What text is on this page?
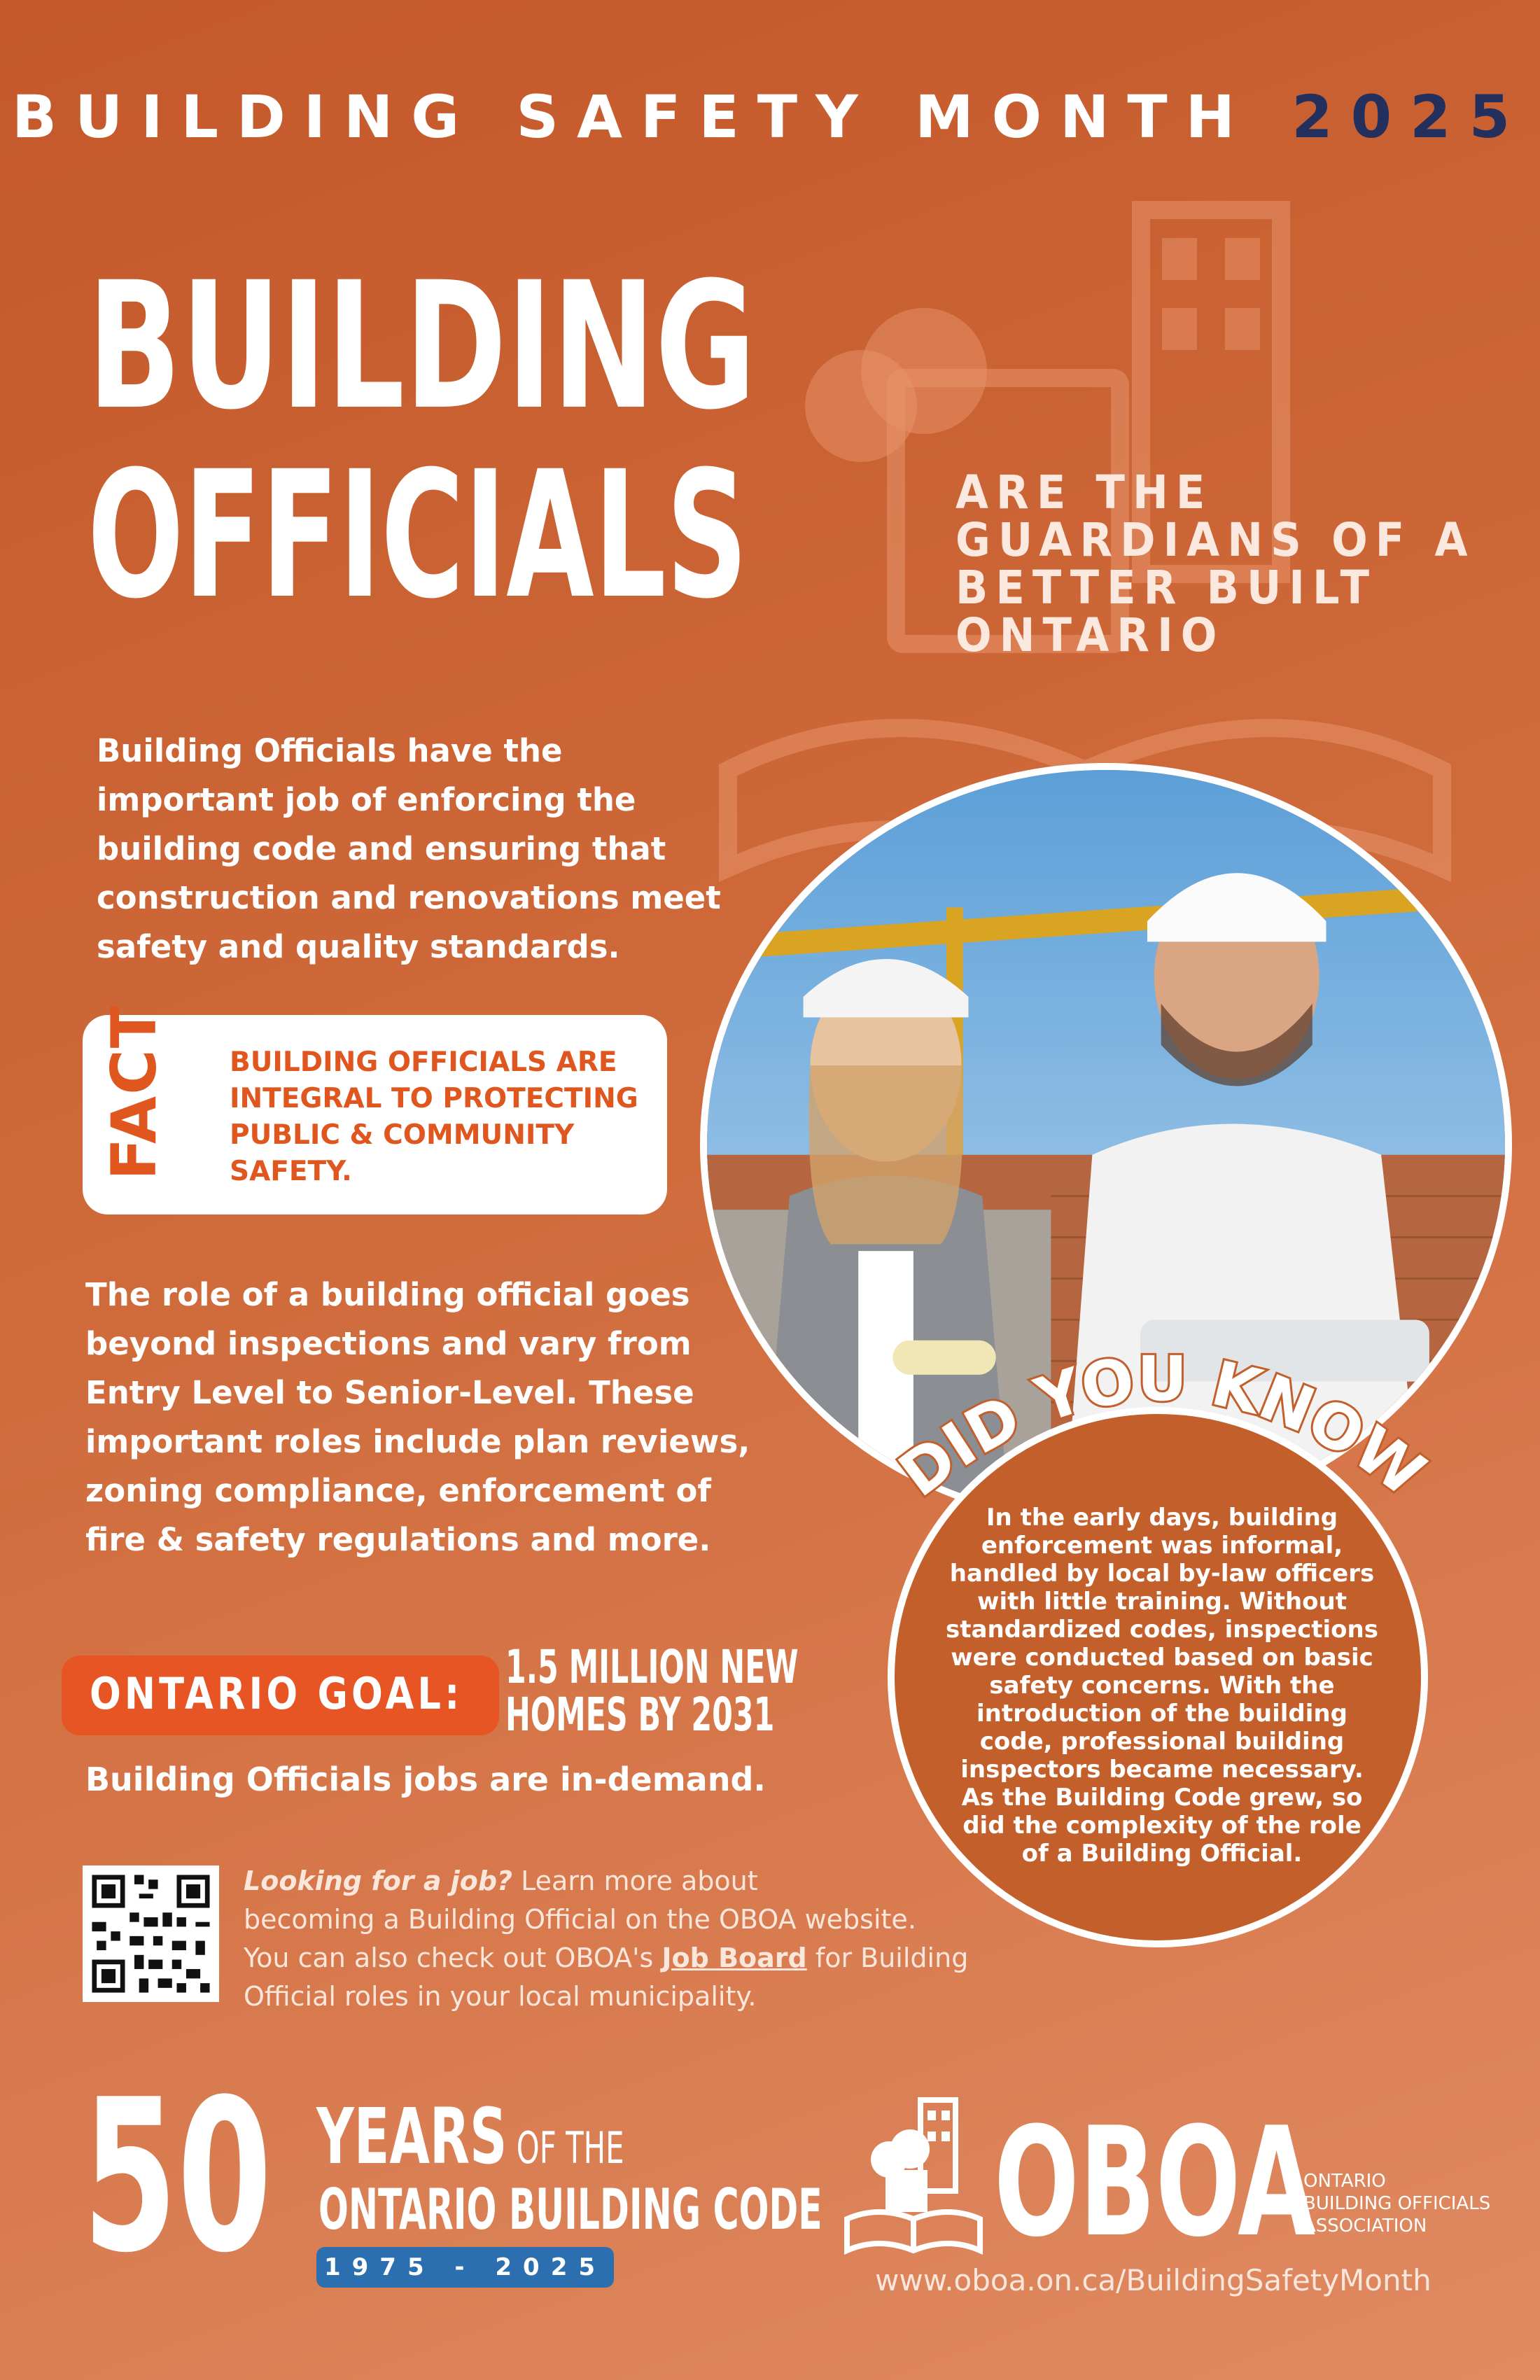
BUILDING SAFETY MONTH 2025
BUILDING
OFFICIALS	ARE THE
GUARDIANS OF A
BETTER BUILT
ONTARIO
Building Officials have the important job of enforcing the building code and ensuring that construction and renovations meet safety and quality standards.
FACT BUILDING OFFICIALS ARE
INTEGRAL TO PROTECTING
PUBLIC & COMMUNITY
SAFETY.
DID YOU KNOW
In the early days, building
enforcement was informal,
handled by local by-law officers
with little training. Without
standardized codes, inspections
were conducted based on basic
safety concerns. With the
introduction of the building
code, professional building
inspectors became necessary.
As the Building Code grew, so
did the complexity of the role
of a Building Official.
The role of a building official goes beyond inspections and vary from Entry Level to Senior-Level. These important roles include plan reviews, zoning compliance, enforcement of fire & safety regulations and more.
ONTARIO GOAL: 1.5 MILLION NEW
HOMES BY 2031
Building Officials jobs are in-demand.
Looking for a job? Learn more about
becoming a Building Official on the OBOA website.
You can also check out OBOA's Job Board for Building
Official roles in your local municipality.
50 YEARS OF THE
ONTARIO BUILDING CODE
1975 - 2025	OBOA
ONTARIO
BUILDING OFFICIALS
ASSOCIATION
www.oboa.on.ca/BuildingSafetyMonth
